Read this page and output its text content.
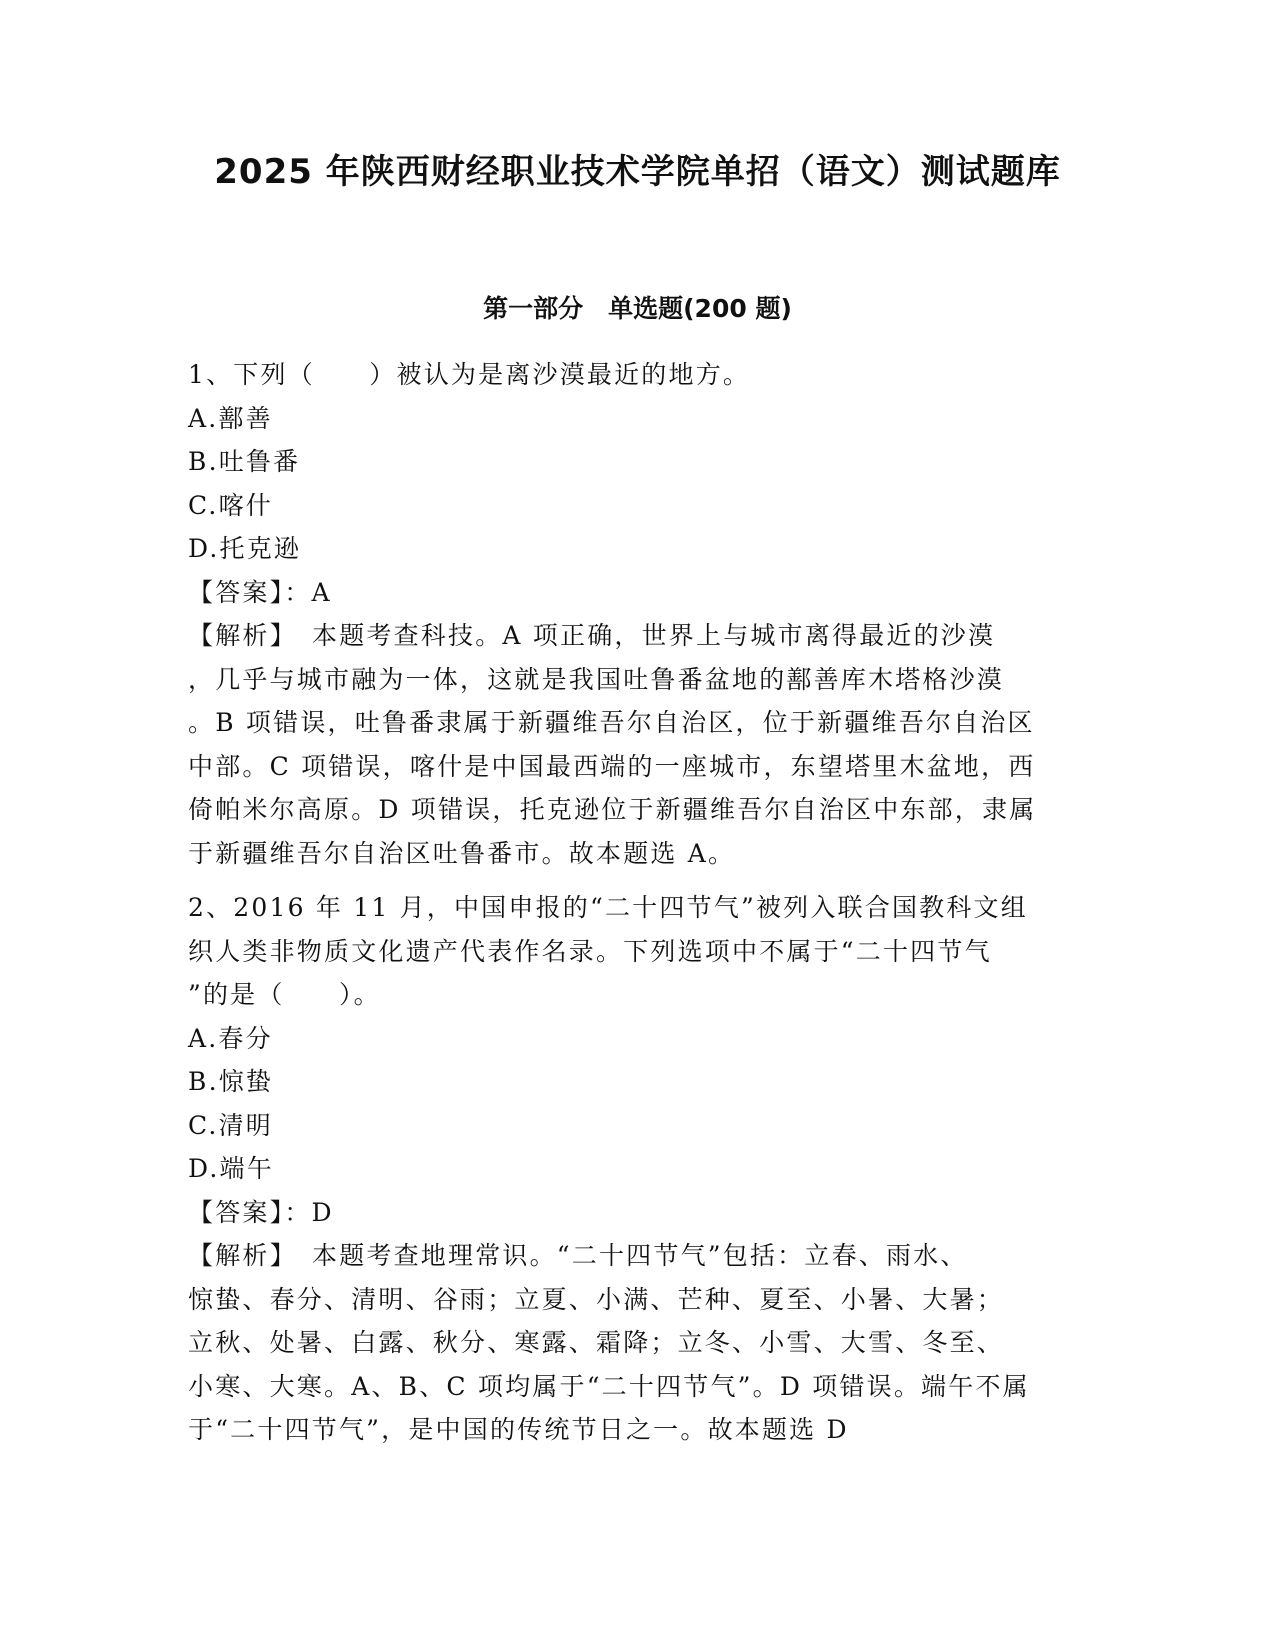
2025 年陕西财经职业技术学院单招（语文）测试题库
第一部分　单选题(200 题)

1、下列（　　）被认为是离沙漠最近的地方。

A.鄯善

B.吐鲁番

C.喀什

D.托克逊

【答案】：A

【解析】 本题考查科技。A 项正确，世界上与城市离得最近的沙漠

，几乎与城市融为一体，这就是我国吐鲁番盆地的鄯善库木塔格沙漠

。B 项错误，吐鲁番隶属于新疆维吾尔自治区，位于新疆维吾尔自治区

中部。C 项错误，喀什是中国最西端的一座城市，东望塔里木盆地，西

倚帕米尔高原。D 项错误，托克逊位于新疆维吾尔自治区中东部，隶属

于新疆维吾尔自治区吐鲁番市。故本题选 A。

2、2016 年 11 月，中国申报的“二十四节气”被列入联合国教科文组

织人类非物质文化遗产代表作名录。下列选项中不属于“二十四节气

”的是（　　）。

A.春分

B.惊蛰

C.清明

D.端午

【答案】：D

【解析】 本题考查地理常识。“二十四节气”包括：立春、雨水、

惊蛰、春分、清明、谷雨；立夏、小满、芒种、夏至、小暑、大暑；

立秋、处暑、白露、秋分、寒露、霜降；立冬、小雪、大雪、冬至、

小寒、大寒。A、B、C 项均属于“二十四节气”。D 项错误。端午不属

于“二十四节气”，是中国的传统节日之一。故本题选 D
